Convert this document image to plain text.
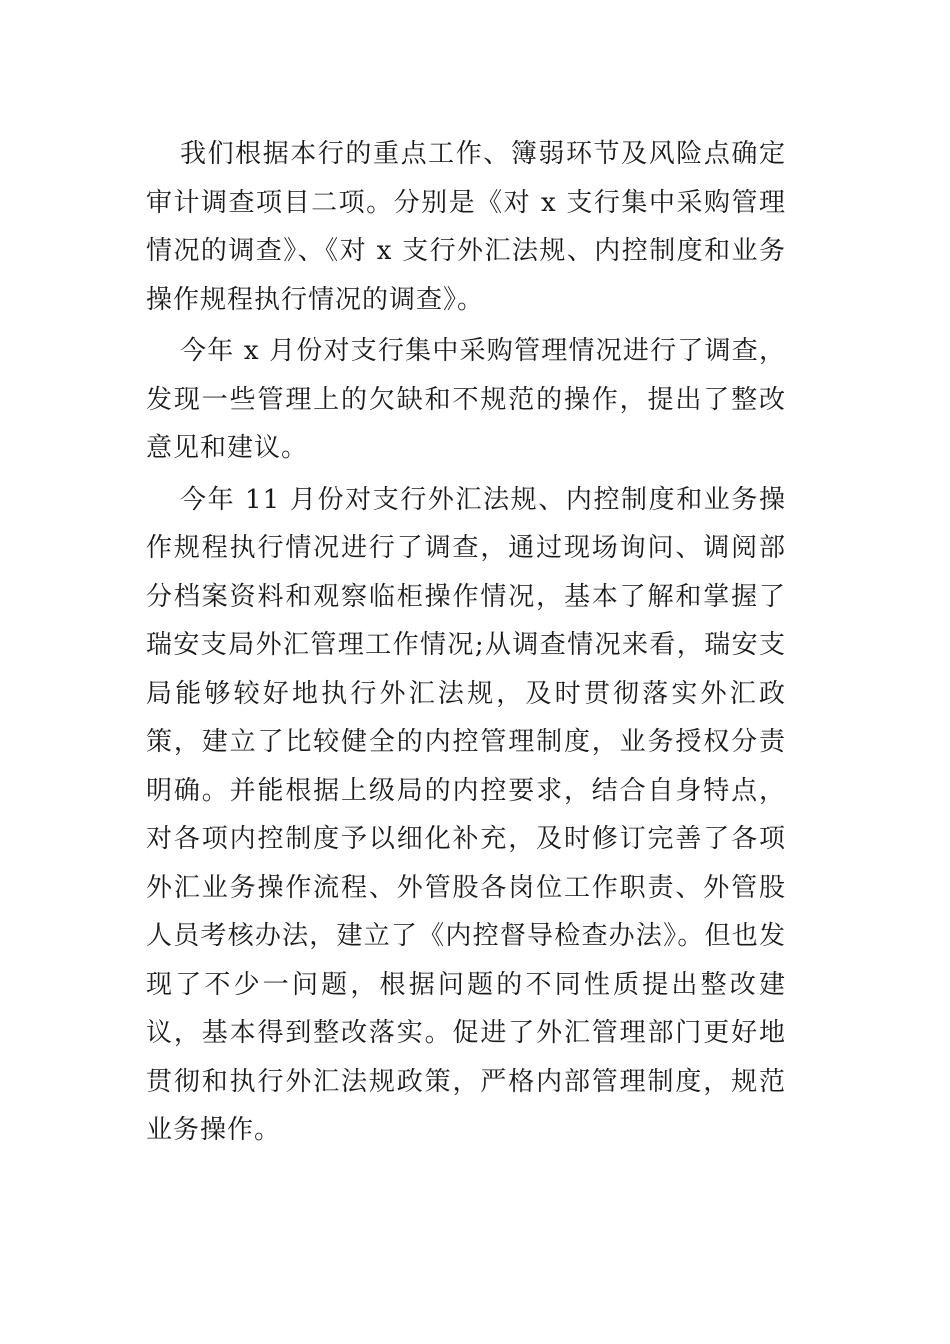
我们根据本行的重点工作、簿弱环节及风险点确定审计调查项目二项。分别是《对 x 支行集中采购管理情况的调查》、《对 x 支行外汇法规、内控制度和业务操作规程执行情况的调查》。

今年 x 月份对支行集中采购管理情况进行了调查，发现一些管理上的欠缺和不规范的操作，提出了整改意见和建议。

今年 11 月份对支行外汇法规、内控制度和业务操作规程执行情况进行了调查，通过现场询问、调阅部分档案资料和观察临柜操作情况，基本了解和掌握了瑞安支局外汇管理工作情况;从调查情况来看，瑞安支局能够较好地执行外汇法规，及时贯彻落实外汇政策，建立了比较健全的内控管理制度，业务授权分责明确。并能根据上级局的内控要求，结合自身特点，对各项内控制度予以细化补充，及时修订完善了各项外汇业务操作流程、外管股各岗位工作职责、外管股人员考核办法，建立了《内控督导检查办法》。但也发现了不少一问题，根据问题的不同性质提出整改建议，基本得到整改落实。促进了外汇管理部门更好地贯彻和执行外汇法规政策，严格内部管理制度，规范业务操作。
